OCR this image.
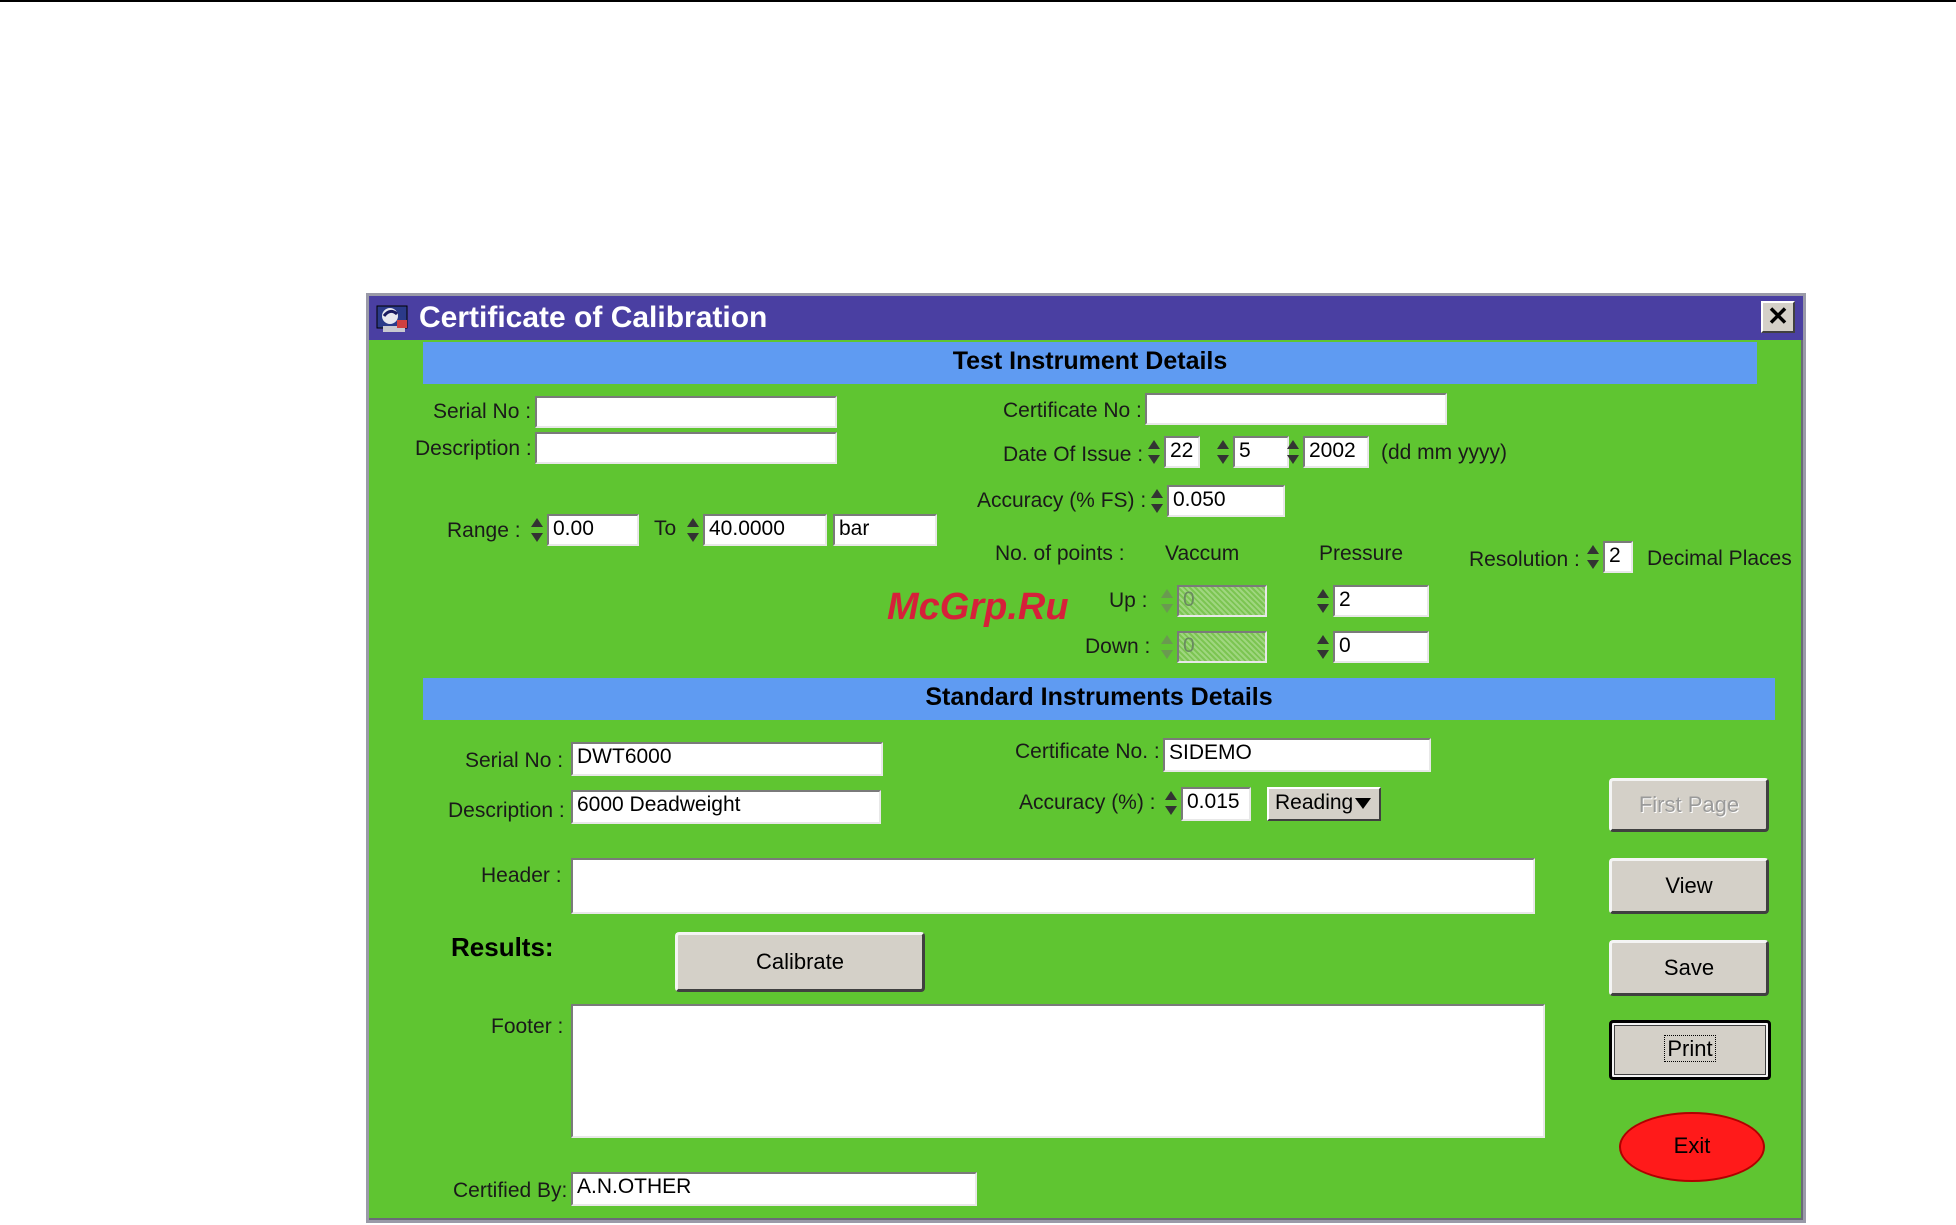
Certificate of Calibration	✕
Test Instrument Details
Serial No :
Description :
Certificate No :
Date Of Issue : 22	5	2002	(dd mm yyyy)
Accuracy (% FS) : 0.050
Range : 0.00	To 40.0000	bar
No. of points : Vaccum	Pressure	Resolution : 2	Decimal Places
Up : 0	2
Down : 0	0
McGrp.Ru
Standard Instruments Details
Serial No : DWT6000
Description : 6000 Deadweight
Certificate No. : SIDEMO
Accuracy (%) : 0.015	Reading
Header :
Results:	Calibrate
Footer :
Certified By: A.N.OTHER
First Page
View
Save
Print
Exit
